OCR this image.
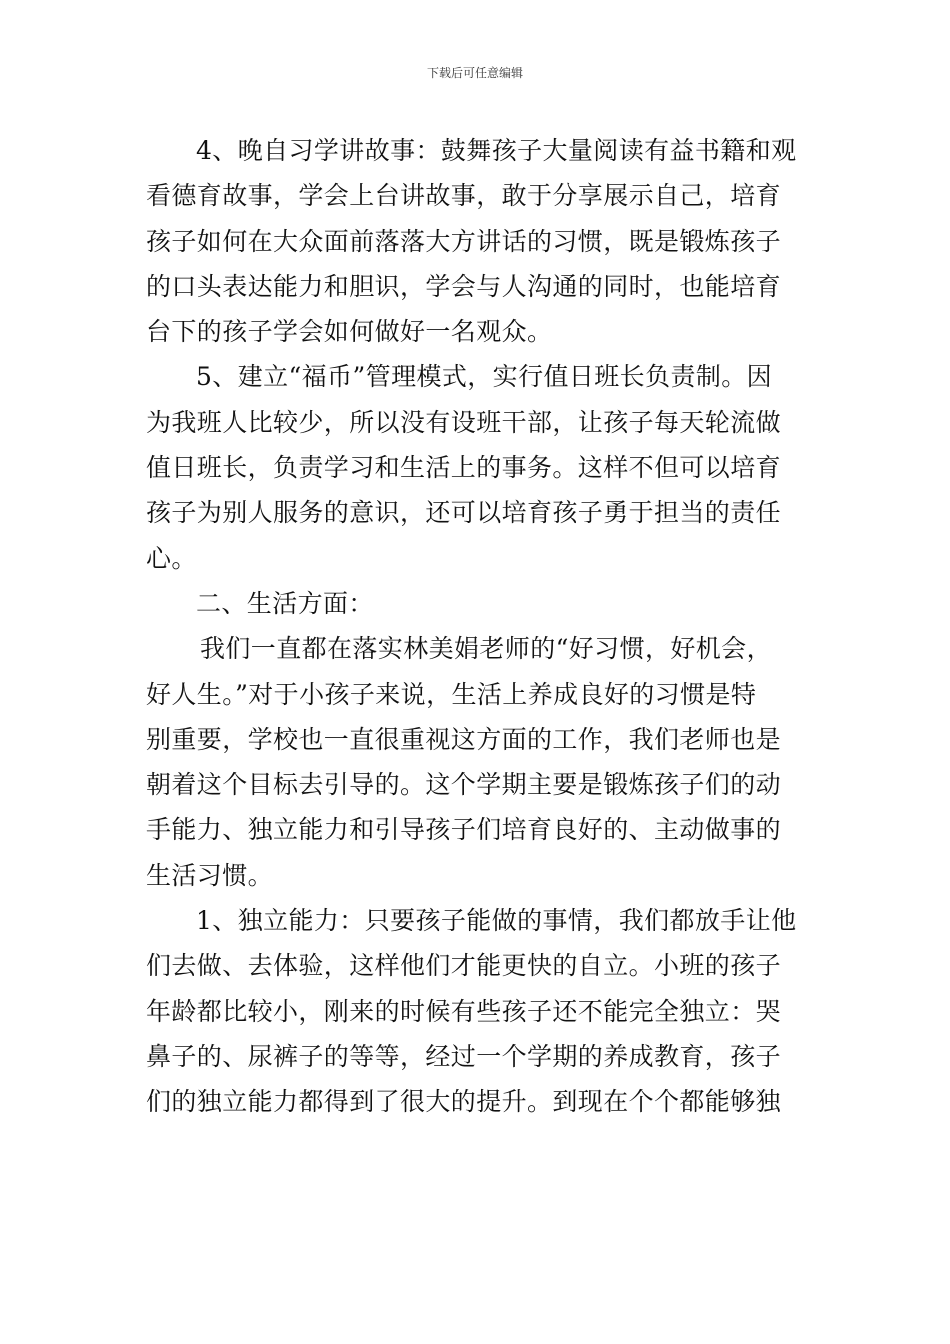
下载后可任意编辑

4、晚自习学讲故事：鼓舞孩子大量阅读有益书籍和观

看德育故事，学会上台讲故事，敢于分享展示自己，培育

孩子如何在大众面前落落大方讲话的习惯，既是锻炼孩子

的口头表达能力和胆识，学会与人沟通的同时，也能培育

台下的孩子学会如何做好一名观众。

5、建立“福币”管理模式，实行值日班长负责制。因

为我班人比较少，所以没有设班干部，让孩子每天轮流做

值日班长，负责学习和生活上的事务。这样不但可以培育

孩子为别人服务的意识，还可以培育孩子勇于担当的责任

心。

二、生活方面：

我们一直都在落实林美娟老师的“好习惯，好机会，

好人生。”对于小孩子来说，生活上养成良好的习惯是特

别重要，学校也一直很重视这方面的工作，我们老师也是

朝着这个目标去引导的。这个学期主要是锻炼孩子们的动

手能力、独立能力和引导孩子们培育良好的、主动做事的

生活习惯。

1、独立能力：只要孩子能做的事情，我们都放手让他

们去做、去体验，这样他们才能更快的自立。小班的孩子

年龄都比较小，刚来的时候有些孩子还不能完全独立：哭

鼻子的、尿裤子的等等，经过一个学期的养成教育，孩子

们的独立能力都得到了很大的提升。到现在个个都能够独
